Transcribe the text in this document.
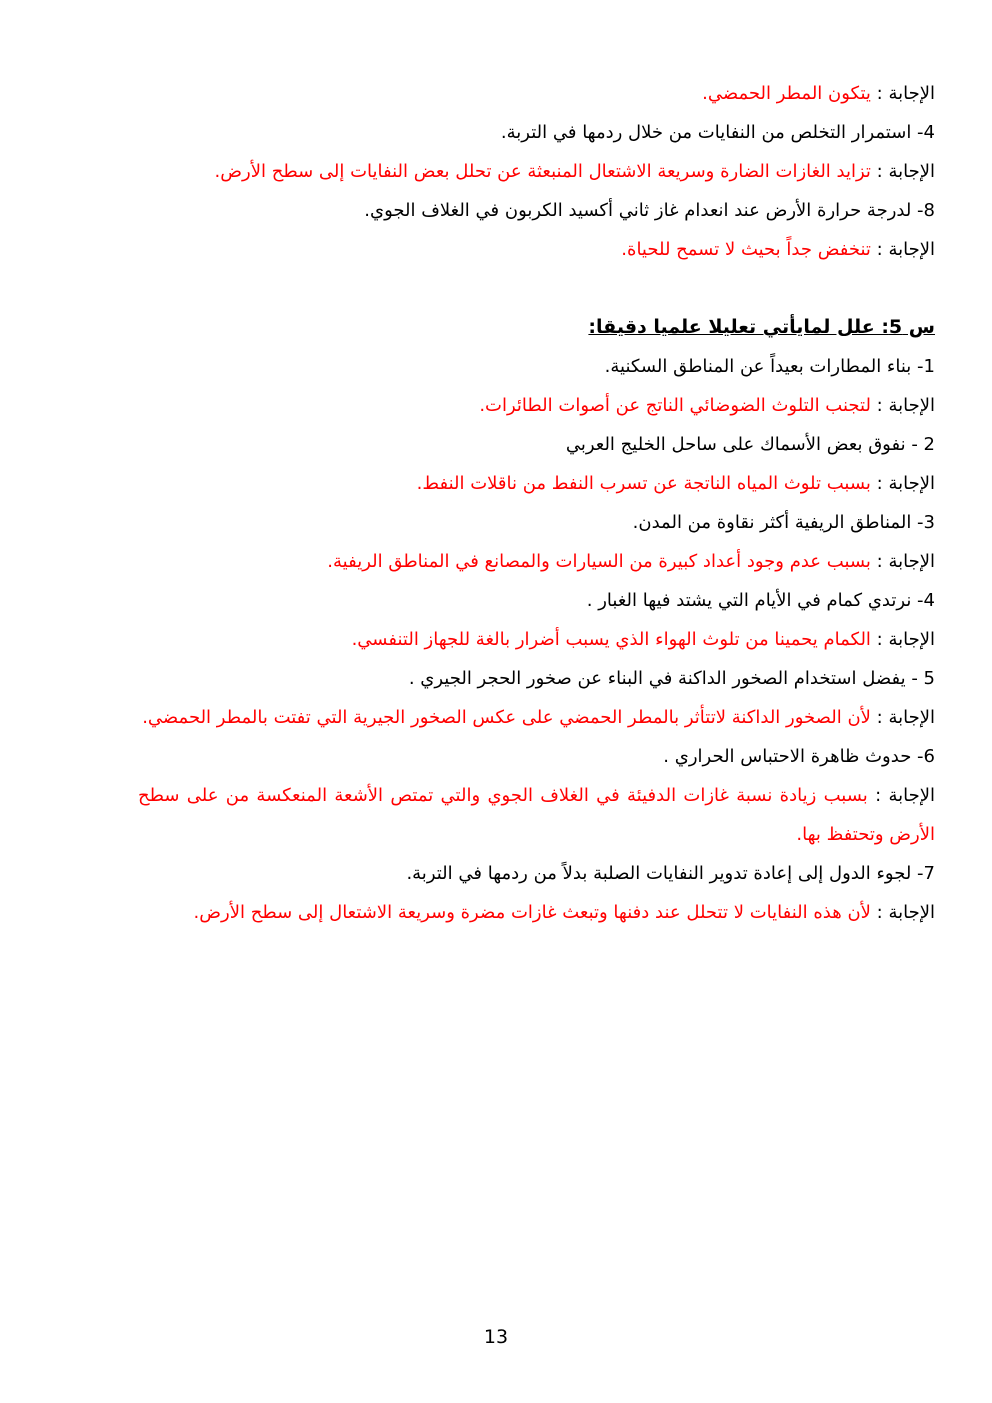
الإجابة : يتكون المطر الحمضي.

4- استمرار التخلص من النفايات من خلال ردمها في التربة.

الإجابة : تزايد الغازات الضارة وسريعة الاشتعال المنبعثة عن تحلل بعض النفايات إلى سطح الأرض.

8- لدرجة حرارة الأرض عند انعدام غاز ثاني أكسيد الكربون في الغلاف الجوي.

الإجابة : تنخفض جداً بحيث لا تسمح للحياة.

س 5: علل لمايأتي تعليلا علميا دقيقا:

1- بناء المطارات بعيداً عن المناطق السكنية.

الإجابة : لتجنب التلوث الضوضائي الناتج عن أصوات الطائرات.

2 - نفوق بعض الأسماك على ساحل الخليج العربي

الإجابة : بسبب تلوث المياه الناتجة عن تسرب النفط من ناقلات النفط.

3- المناطق الريفية أكثر نقاوة من المدن.

الإجابة : بسبب عدم وجود أعداد كبيرة من السيارات والمصانع في المناطق الريفية.

4- نرتدي كمام في الأيام التي يشتد فيها الغبار .

الإجابة : الكمام يحمينا من تلوث الهواء الذي يسبب أضرار بالغة للجهاز التنفسي.

5 - يفضل استخدام الصخور الداكنة في البناء عن صخور الحجر الجيري .

الإجابة : لأن الصخور الداكنة لاتتأثر بالمطر الحمضي على عكس الصخور الجيرية التي تفتت بالمطر الحمضي.

6- حدوث ظاهرة الاحتباس الحراري .

الإجابة : بسبب زيادة نسبة غازات الدفيئة في الغلاف الجوي والتي تمتص الأشعة المنعكسة من على سطح الأرض وتحتفظ بها.

7- لجوء الدول إلى إعادة تدوير النفايات الصلبة بدلاً من ردمها في التربة.

الإجابة : لأن هذه النفايات لا تتحلل عند دفنها وتبعث غازات مضرة وسريعة الاشتعال إلى سطح الأرض.

13
